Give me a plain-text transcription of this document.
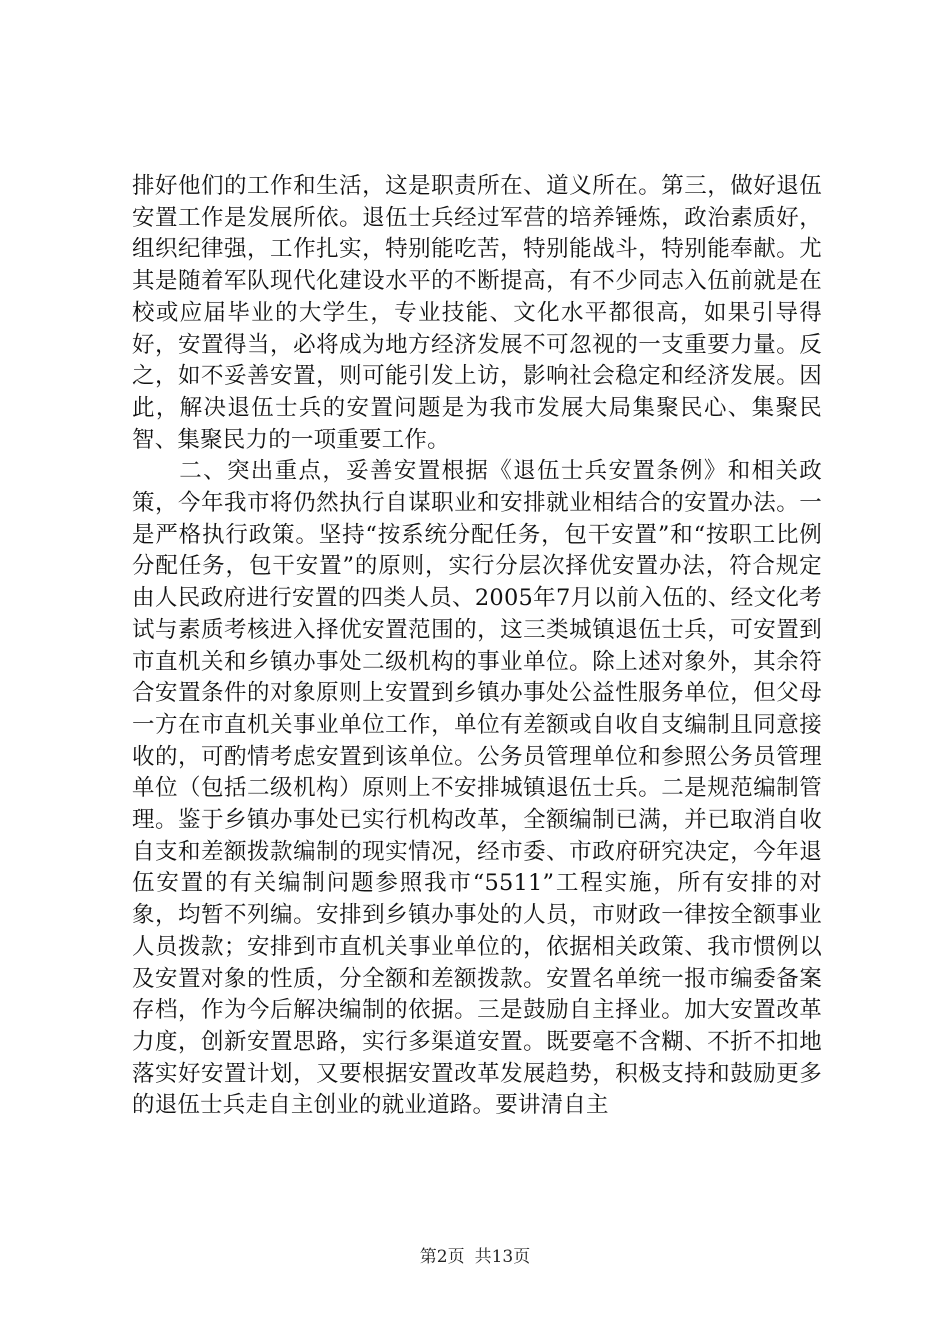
排好他们的工作和生活，这是职责所在、道义所在。第三，做好退伍安置工作是发展所依。退伍士兵经过军营的培养锤炼，政治素质好，组织纪律强，工作扎实，特别能吃苦，特别能战斗，特别能奉献。尤其是随着军队现代化建设水平的不断提高，有不少同志入伍前就是在校或应届毕业的大学生，专业技能、文化水平都很高，如果引导得好，安置得当，必将成为地方经济发展不可忽视的一支重要力量。反之，如不妥善安置，则可能引发上访，影响社会稳定和经济发展。因此，解决退伍士兵的安置问题是为我市发展大局集聚民心、集聚民智、集聚民力的一项重要工作。

二、突出重点，妥善安置根据《退伍士兵安置条例》和相关政策，今年我市将仍然执行自谋职业和安排就业相结合的安置办法。一是严格执行政策。坚持“按系统分配任务，包干安置”和“按职工比例分配任务，包干安置”的原则，实行分层次择优安置办法，符合规定由人民政府进行安置的四类人员、2005年7月以前入伍的、经文化考试与素质考核进入择优安置范围的，这三类城镇退伍士兵，可安置到市直机关和乡镇办事处二级机构的事业单位。除上述对象外，其余符合安置条件的对象原则上安置到乡镇办事处公益性服务单位，但父母一方在市直机关事业单位工作，单位有差额或自收自支编制且同意接收的，可酌情考虑安置到该单位。公务员管理单位和参照公务员管理单位（包括二级机构）原则上不安排城镇退伍士兵。二是规范编制管理。鉴于乡镇办事处已实行机构改革，全额编制已满，并已取消自收自支和差额拨款编制的现实情况，经市委、市政府研究决定，今年退伍安置的有关编制问题参照我市“5511”工程实施，所有安排的对象，均暂不列编。安排到乡镇办事处的人员，市财政一律按全额事业人员拨款；安排到市直机关事业单位的，依据相关政策、我市惯例以及安置对象的性质，分全额和差额拨款。安置名单统一报市编委备案存档，作为今后解决编制的依据。三是鼓励自主择业。加大安置改革力度，创新安置思路，实行多渠道安置。既要毫不含糊、不折不扣地落实好安置计划，又要根据安置改革发展趋势，积极支持和鼓励更多的退伍士兵走自主创业的就业道路。要讲清自主

第2页 共13页
